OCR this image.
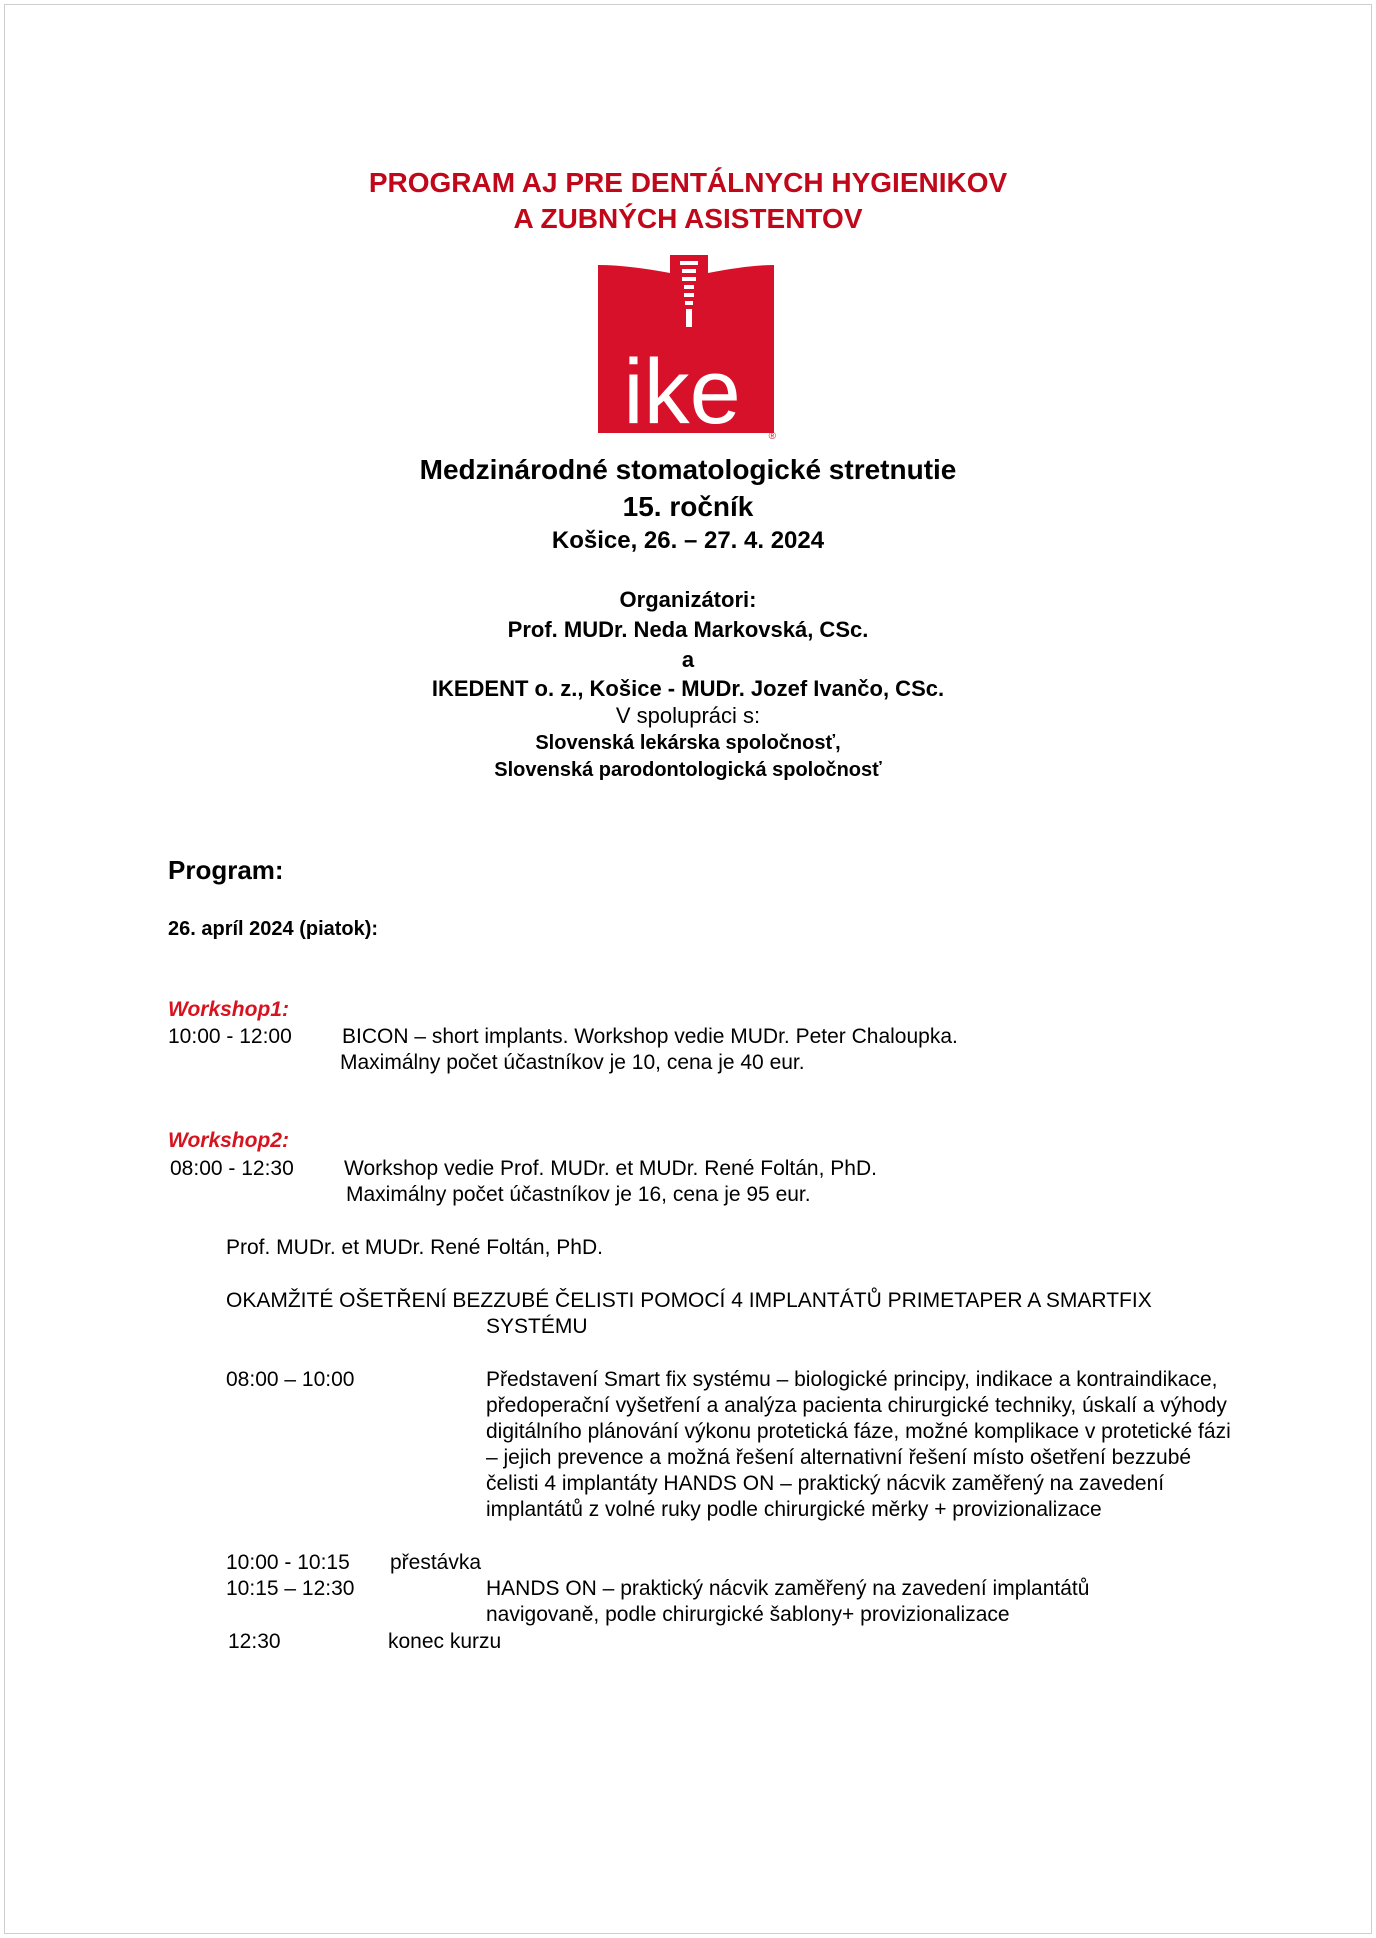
PROGRAM AJ PRE DENTÁLNYCH HYGIENIKOV
A ZUBNÝCH ASISTENTOV
ike	®
Medzinárodné stomatologické stretnutie
15. ročník
Košice, 26. – 27. 4. 2024
Organizátori:
Prof. MUDr. Neda Markovská, CSc.
a
IKEDENT o. z., Košice - MUDr. Jozef Ivančo, CSc.
V spolupráci s:
Slovenská lekárska spoločnosť,
Slovenská parodontologická spoločnosť
Program:
26. apríl 2024 (piatok):
Workshop1:
10:00 - 12:00 BICON – short implants. Workshop vedie MUDr. Peter Chaloupka.
Maximálny počet účastníkov je 10, cena je 40 eur.
Workshop2:
08:00 - 12:30 Workshop vedie Prof. MUDr. et MUDr. René Foltán, PhD.
Maximálny počet účastníkov je 16, cena je 95 eur.
Prof. MUDr. et MUDr. René Foltán, PhD.
OKAMŽITÉ OŠETŘENÍ BEZZUBÉ ČELISTI POMOCÍ 4 IMPLANTÁTŮ PRIMETAPER A SMARTFIX
SYSTÉMU
08:00 – 10:00	Představení Smart fix systému – biologické principy, indikace a kontraindikace, předoperační vyšetření a analýza pacienta chirurgické techniky, úskalí a výhody digitálního plánování výkonu protetická fáze, možné komplikace v protetické fázi – jejich prevence a možná řešení alternativní řešení místo ošetření bezzubé čelisti 4 implantáty HANDS ON – praktický nácvik zaměřený na zavedení implantátů z volné ruky podle chirurgické měrky + provizionalizace
10:00 - 10:15 přestávka
10:15 – 12:30	HANDS ON – praktický nácvik zaměřený na zavedení implantátů navigovaně, podle chirurgické šablony+ provizionalizace
12:30	konec kurzu
